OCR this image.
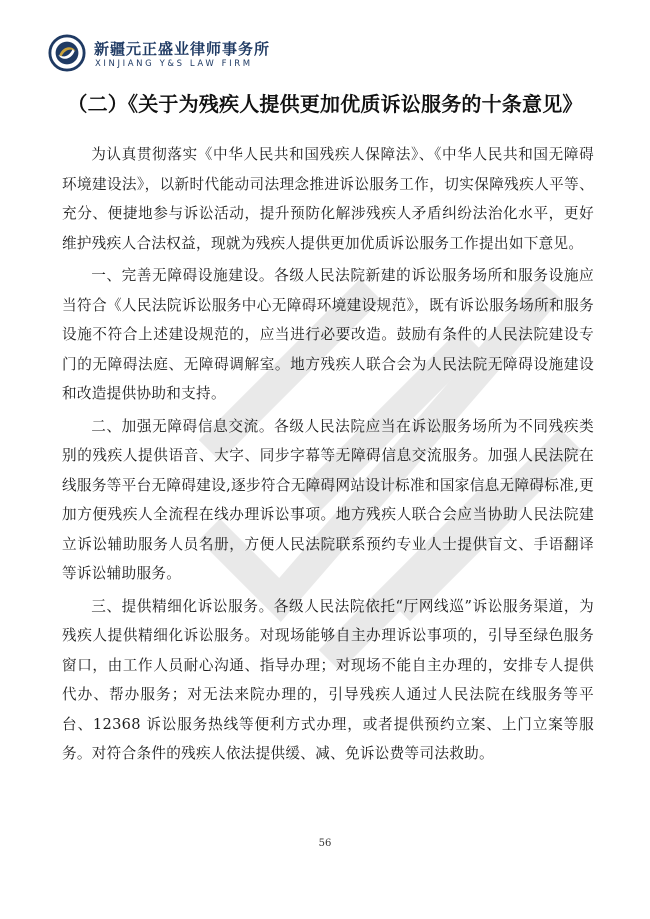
新疆元正盛业律师事务所
XINJIANG Y&S LAW FIRM
（二）《关于为残疾人提供更加优质诉讼服务的十条意见》

为认真贯彻落实《中华人民共和国残疾人保障法》、《中华人民共和国无障碍环境建设法》，以新时代能动司法理念推进诉讼服务工作，切实保障残疾人平等、充分、便捷地参与诉讼活动，提升预防化解涉残疾人矛盾纠纷法治化水平，更好维护残疾人合法权益，现就为残疾人提供更加优质诉讼服务工作提出如下意见。

一、完善无障碍设施建设。各级人民法院新建的诉讼服务场所和服务设施应当符合《人民法院诉讼服务中心无障碍环境建设规范》，既有诉讼服务场所和服务设施不符合上述建设规范的，应当进行必要改造。鼓励有条件的人民法院建设专门的无障碍法庭、无障碍调解室。地方残疾人联合会为人民法院无障碍设施建设和改造提供协助和支持。

二、加强无障碍信息交流。各级人民法院应当在诉讼服务场所为不同残疾类别的残疾人提供语音、大字、同步字幕等无障碍信息交流服务。加强人民法院在线服务等平台无障碍建设,逐步符合无障碍网站设计标准和国家信息无障碍标准,更加方便残疾人全流程在线办理诉讼事项。地方残疾人联合会应当协助人民法院建立诉讼辅助服务人员名册，方便人民法院联系预约专业人士提供盲文、手语翻译等诉讼辅助服务。

三、提供精细化诉讼服务。各级人民法院依托“厅网线巡”诉讼服务渠道，为残疾人提供精细化诉讼服务。对现场能够自主办理诉讼事项的，引导至绿色服务窗口，由工作人员耐心沟通、指导办理；对现场不能自主办理的，安排专人提供代办、帮办服务；对无法来院办理的，引导残疾人通过人民法院在线服务等平台、12368 诉讼服务热线等便利方式办理，或者提供预约立案、上门立案等服务。对符合条件的残疾人依法提供缓、减、免诉讼费等司法救助。

56
